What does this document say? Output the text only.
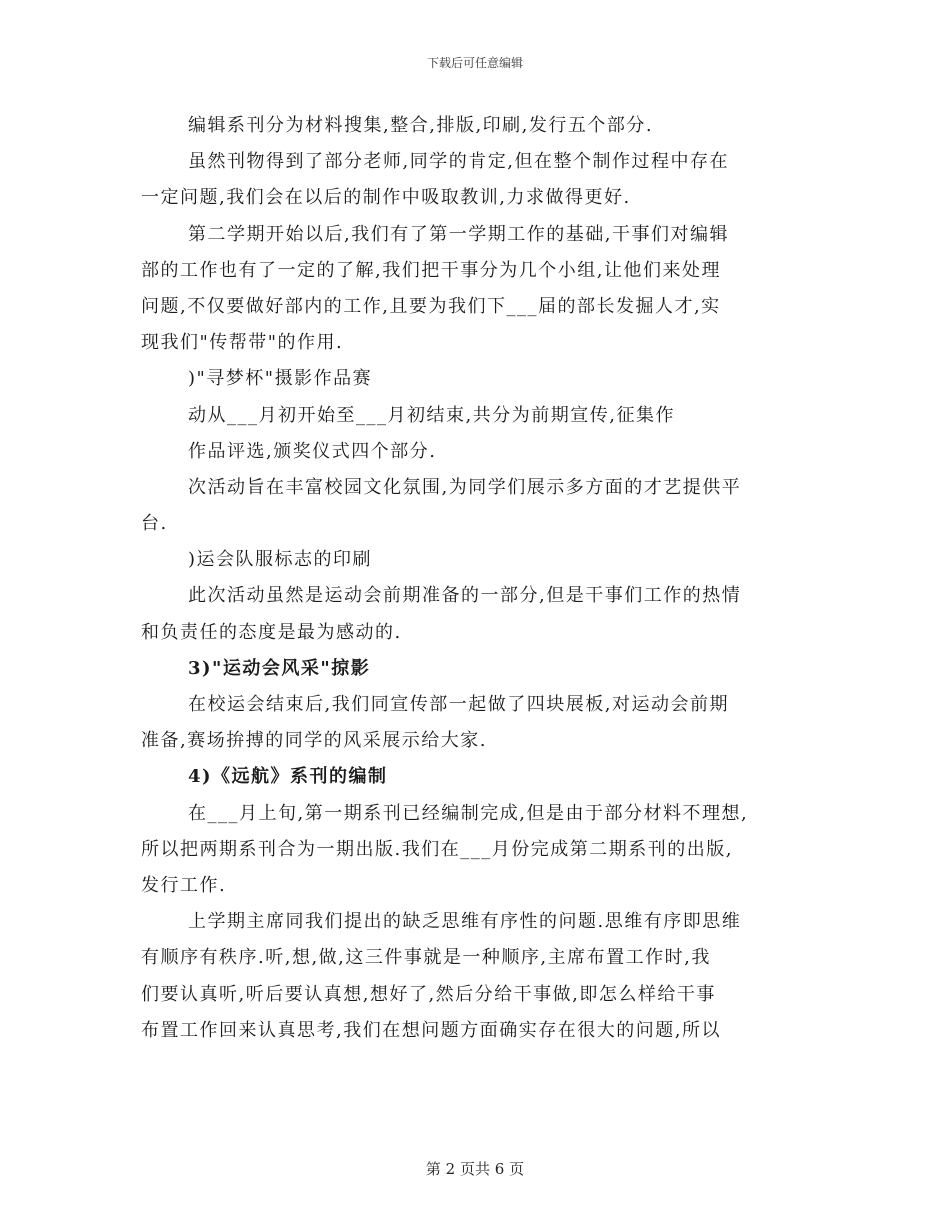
下载后可任意编辑
编辑系刊分为材料搜集,整合,排版,印刷,发行五个部分.
虽然刊物得到了部分老师,同学的肯定,但在整个制作过程中存在
一定问题,我们会在以后的制作中吸取教训,力求做得更好.
第二学期开始以后,我们有了第一学期工作的基础,干事们对编辑
部的工作也有了一定的了解,我们把干事分为几个小组,让他们来处理
问题,不仅要做好部内的工作,且要为我们下___届的部长发掘人才,实
现我们"传帮带"的作用.
)"寻梦杯"摄影作品赛
动从___月初开始至___月初结束,共分为前期宣传,征集作
作品评选,颁奖仪式四个部分.
次活动旨在丰富校园文化氛围,为同学们展示多方面的才艺提供平
台.
)运会队服标志的印刷
此次活动虽然是运动会前期准备的一部分,但是干事们工作的热情
和负责任的态度是最为感动的.
3)"运动会风采"掠影
在校运会结束后,我们同宣传部一起做了四块展板,对运动会前期
准备,赛场拚搏的同学的风采展示给大家.
4)《远航》系刊的编制
在___月上旬,第一期系刊已经编制完成,但是由于部分材料不理想,
所以把两期系刊合为一期出版.我们在___月份完成第二期系刊的出版,
发行工作.
上学期主席同我们提出的缺乏思维有序性的问题.思维有序即思维
有顺序有秩序.听,想,做,这三件事就是一种顺序,主席布置工作时,我
们要认真听,听后要认真想,想好了,然后分给干事做,即怎么样给干事
布置工作回来认真思考,我们在想问题方面确实存在很大的问题,所以
第 2 页共 6 页
